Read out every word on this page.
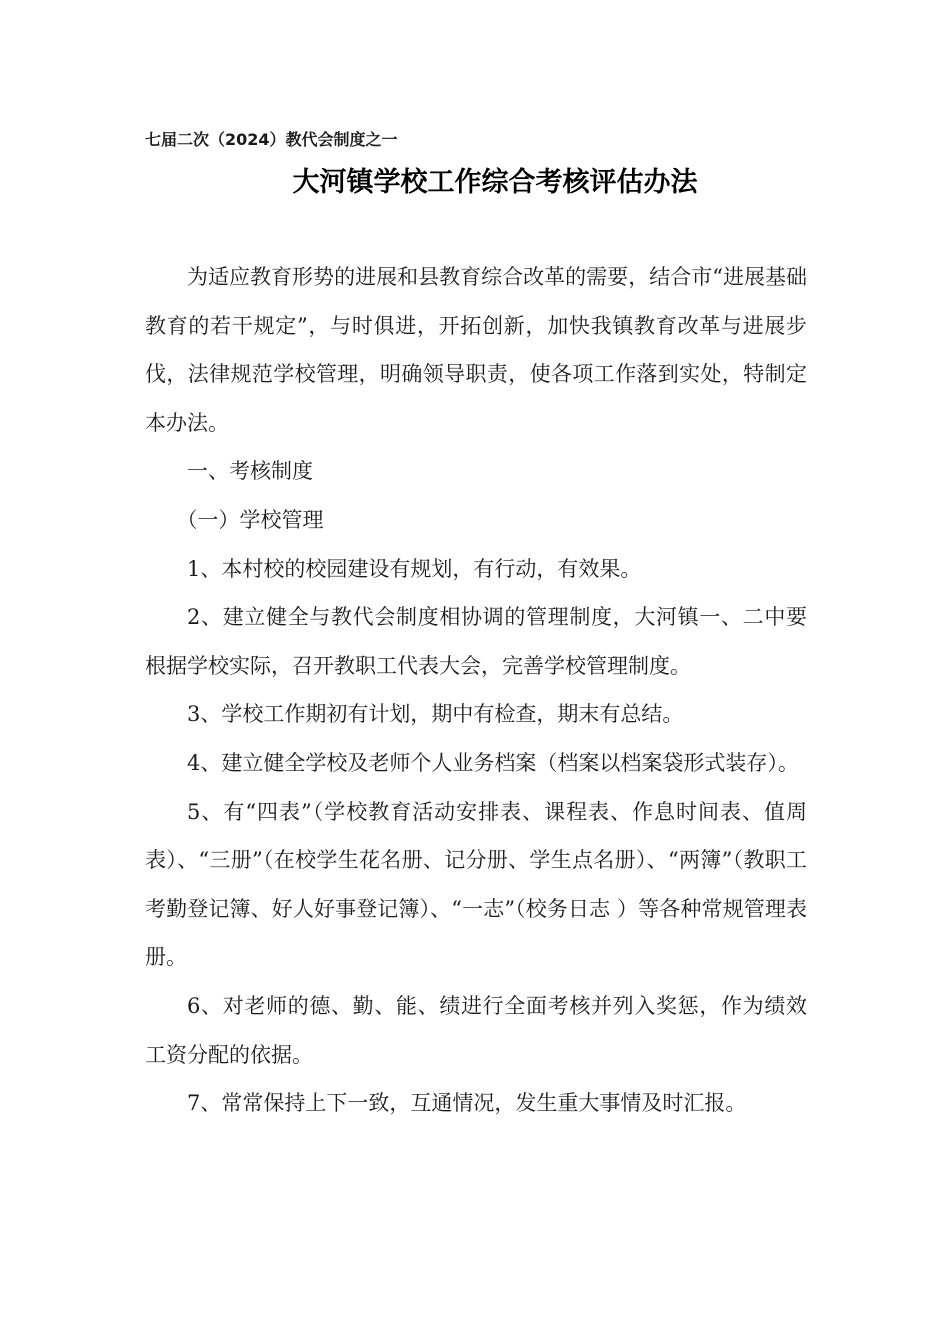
七届二次（2024）教代会制度之一
大河镇学校工作综合考核评估办法

为适应教育形势的进展和县教育综合改革的需要，结合市“进展基础教育的若干规定”，与时俱进，开拓创新，加快我镇教育改革与进展步伐，法律规范学校管理，明确领导职责，使各项工作落到实处，特制定本办法。

一、考核制度

（一）学校管理

1、本村校的校园建设有规划，有行动，有效果。

2、建立健全与教代会制度相协调的管理制度，大河镇一、二中要根据学校实际，召开教职工代表大会，完善学校管理制度。

3、学校工作期初有计划，期中有检查，期末有总结。

4、建立健全学校及老师个人业务档案（档案以档案袋形式装存）。

5、有“四表”（学校教育活动安排表、课程表、作息时间表、值周表）、“三册”（在校学生花名册、记分册、学生点名册）、“两簿”（教职工考勤登记簿、好人好事登记簿）、“一志”（校务日志 ）等各种常规管理表册。

6、对老师的德、勤、能、绩进行全面考核并列入奖惩，作为绩效工资分配的依据。

7、常常保持上下一致，互通情况，发生重大事情及时汇报。
